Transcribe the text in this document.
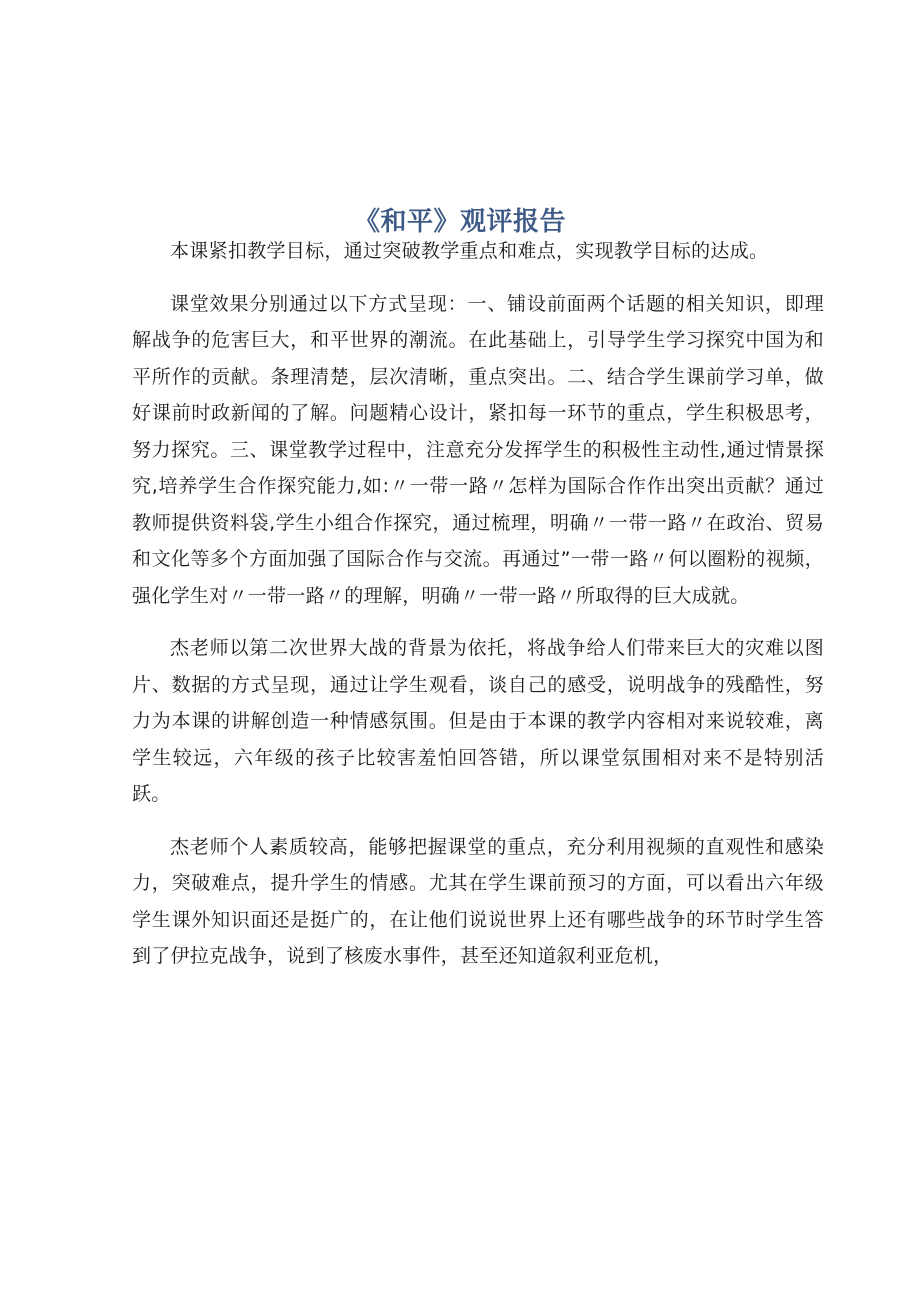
《和平》观评报告

本课紧扣教学目标，通过突破教学重点和难点，实现教学目标的达成。

课堂效果分别通过以下方式呈现：一、铺设前面两个话题的相关知识，即理解战争的危害巨大，和平世界的潮流。在此基础上，引导学生学习探究中国为和平所作的贡献。条理清楚，层次清晰，重点突出。二、结合学生课前学习单，做好课前时政新闻的了解。问题精心设计，紧扣每一环节的重点，学生积极思考，努力探究。三、课堂教学过程中，注意充分发挥学生的积极性主动性,通过情景探究,培养学生合作探究能力,如:〃一带一路〃怎样为国际合作作出突出贡献？通过教师提供资料袋,学生小组合作探究，通过梳理，明确〃一带一路〃在政治、贸易和文化等多个方面加强了国际合作与交流。再通过”一带一路〃何以圈粉的视频，强化学生对〃一带一路〃的理解，明确〃一带一路〃所取得的巨大成就。

杰老师以第二次世界大战的背景为依托，将战争给人们带来巨大的灾难以图片、数据的方式呈现，通过让学生观看，谈自己的感受，说明战争的残酷性，努力为本课的讲解创造一种情感氛围。但是由于本课的教学内容相对来说较难，离学生较远，六年级的孩子比较害羞怕回答错，所以课堂氛围相对来不是特别活跃。

杰老师个人素质较高，能够把握课堂的重点，充分利用视频的直观性和感染力，突破难点，提升学生的情感。尤其在学生课前预习的方面，可以看出六年级学生课外知识面还是挺广的，在让他们说说世界上还有哪些战争的环节时学生答到了伊拉克战争，说到了核废水事件，甚至还知道叙利亚危机，
